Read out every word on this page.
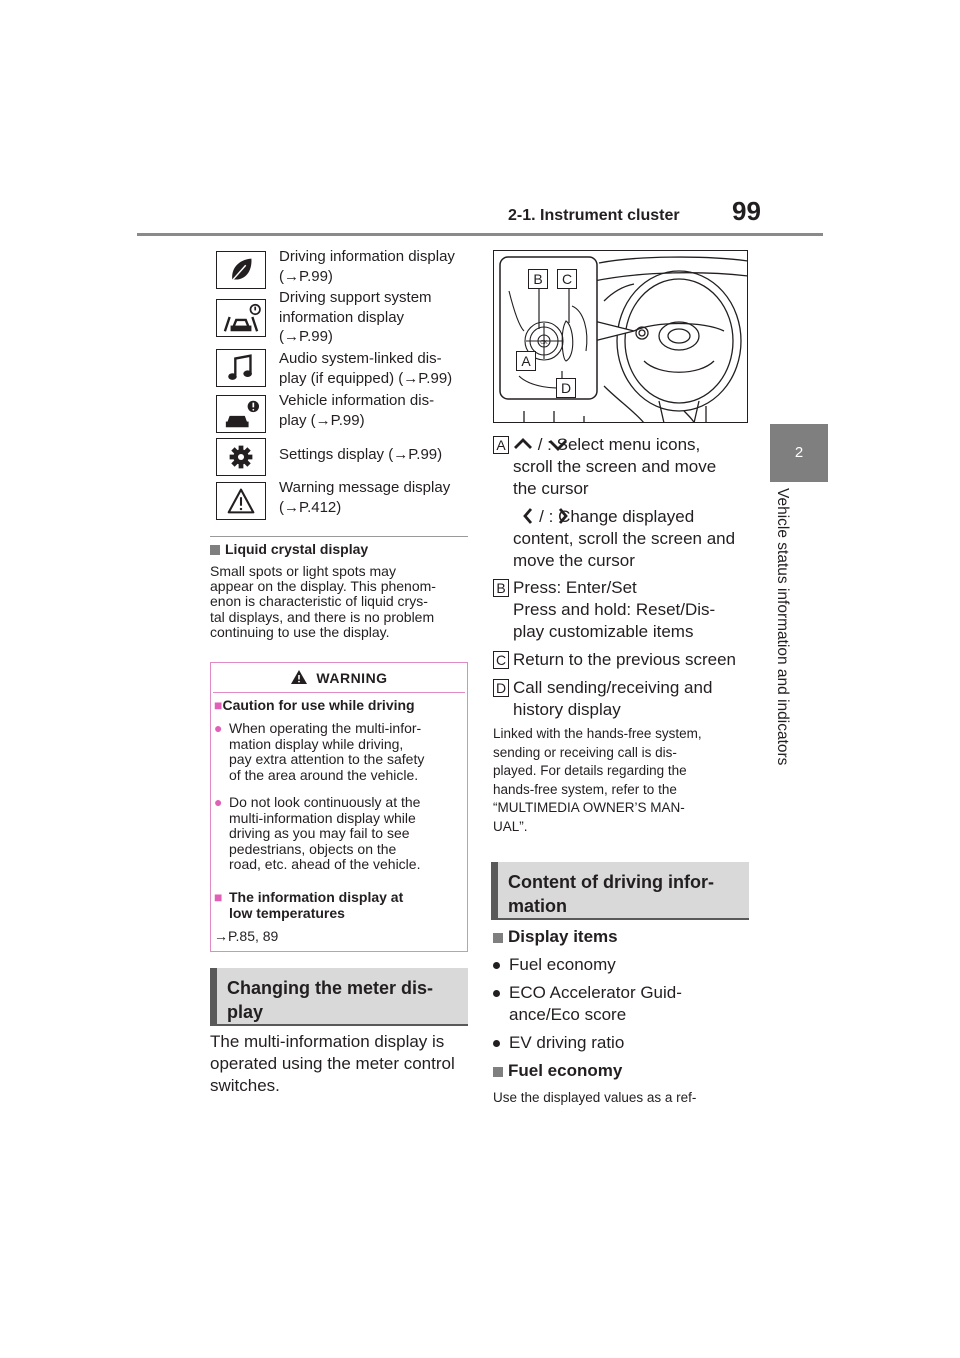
2-1. Instrument cluster 99
2
Vehicle status information and indicators
Driving information display
(→P.99)
Driving support system
information display
(→P.99)
Audio system-linked dis-
play (if equipped) (→P.99)
Vehicle information dis-
play (→P.99)
Settings display (→P.99)
Warning message display
(→P.412)
Liquid crystal display
Small spots or light spots may
appear on the display. This phenom-
enon is characteristic of liquid crys-
tal displays, and there is no problem
continuing to use the display.
WARNING
■Caution for use while driving
● When operating the multi-infor-
mation display while driving,
pay extra attention to the safety
of the area around the vehicle.
● Do not look continuously at the
multi-information display while
driving as you may fail to see
pedestrians, objects on the
road, etc. ahead of the vehicle.
■ The information display at
low temperatures
→P.85, 89
Changing the meter dis-
play
The multi-information display is
operated using the meter control
switches.
OK
B	C
A
D
A	/ : Select menu icons,
scroll the screen and move
the cursor
/ : Change displayed
content, scroll the screen and
move the cursor
B Press: Enter/Set
Press and hold: Reset/Dis-
play customizable items
C Return to the previous screen
D Call sending/receiving and
history display
Linked with the hands-free system,
sending or receiving call is dis-
played. For details regarding the
hands-free system, refer to the
“MULTIMEDIA OWNER’S MAN-
UAL”.
Content of driving infor-
mation
Display items
Fuel economy
ECO Accelerator Guid-
ance/Eco score
EV driving ratio
Fuel economy
Use the displayed values as a ref-
